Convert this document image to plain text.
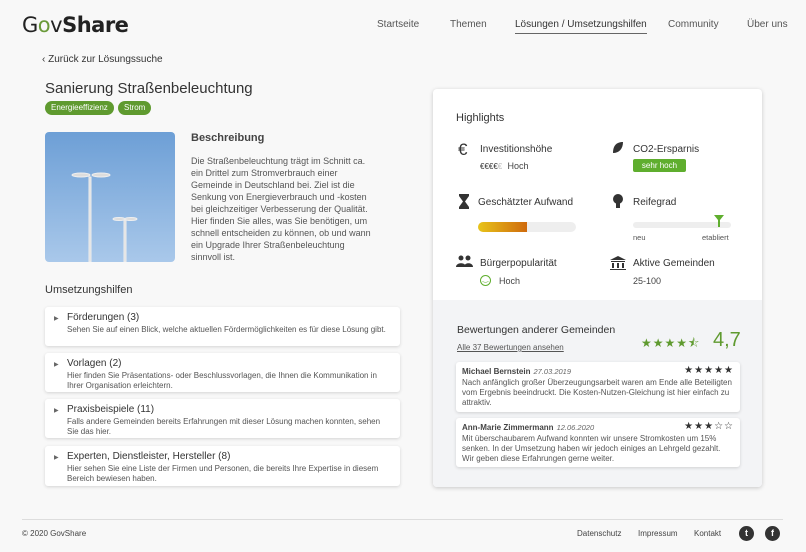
GovShare	Startseite	Themen	Lösungen / Umsetzungshilfen Community	Über uns
‹ Zurück zur Lösungssuche
Sanierung Straßenbeleuchtung
Energieeffizienz	Strom
Beschreibung
Die Straßenbeleuchtung trägt im Schnitt ca. ein Drittel zum Stromverbrauch einer Gemeinde in Deutschland bei. Ziel ist die Senkung von Energieverbrauch und -kosten bei gleichzeitiger Verbesserung der Qualität. Hier finden Sie alles, was Sie benötigen, um schnell entscheiden zu können, ob und wann ein Upgrade Ihrer Straßenbeleuchtung sinnvoll ist.
Umsetzungshilfen
▶ Förderungen (3)
Sehen Sie auf einen Blick, welche aktuellen Fördermöglichkeiten es für diese Lösung gibt.
▶ Vorlagen (2)
Hier finden Sie Präsentations- oder Beschlussvorlagen, die Ihnen die Kommunikation in Ihrer Organisation erleichtern.
▶ Praxisbeispiele (11)
Falls andere Gemeinden bereits Erfahrungen mit dieser Lösung machen konnten, sehen Sie das hier.
▶ Experten, Dienstleister, Hersteller (8)
Hier sehen Sie eine Liste der Firmen und Personen, die bereits Ihre Expertise in diesem Bereich bewiesen haben.
Highlights
€ Investitionshöhe
€€€€€ Hoch
CO2-Ersparnis
sehr hoch
Geschätzter Aufwand	Reifegrad
neu	etabliert
Bürgerpopularität
‿ Hoch
Aktive Gemeinden
25-100
Bewertungen anderer Gemeinden
Alle 37 Bewertungen ansehen	★★★★⯪ 4,7
Michael Bernstein 27.03.2019	★★★★★
Nach anfänglich großer Überzeugungsarbeit waren am Ende alle Beteiligten vom Ergebnis beeindruckt. Die Kosten-Nutzen-Gleichung ist hier einfach zu attraktiv.
Ann-Marie Zimmermann 12.06.2020	★★★☆☆
Mit überschaubarem Aufwand konnten wir unsere Stromkosten um 15% senken. In der Umsetzung haben wir jedoch einiges an Lehrgeld gezahlt. Wir geben diese Erfahrungen gerne weiter.
© 2020 GovShare	Datenschutz Impressum Kontakt	t	f
